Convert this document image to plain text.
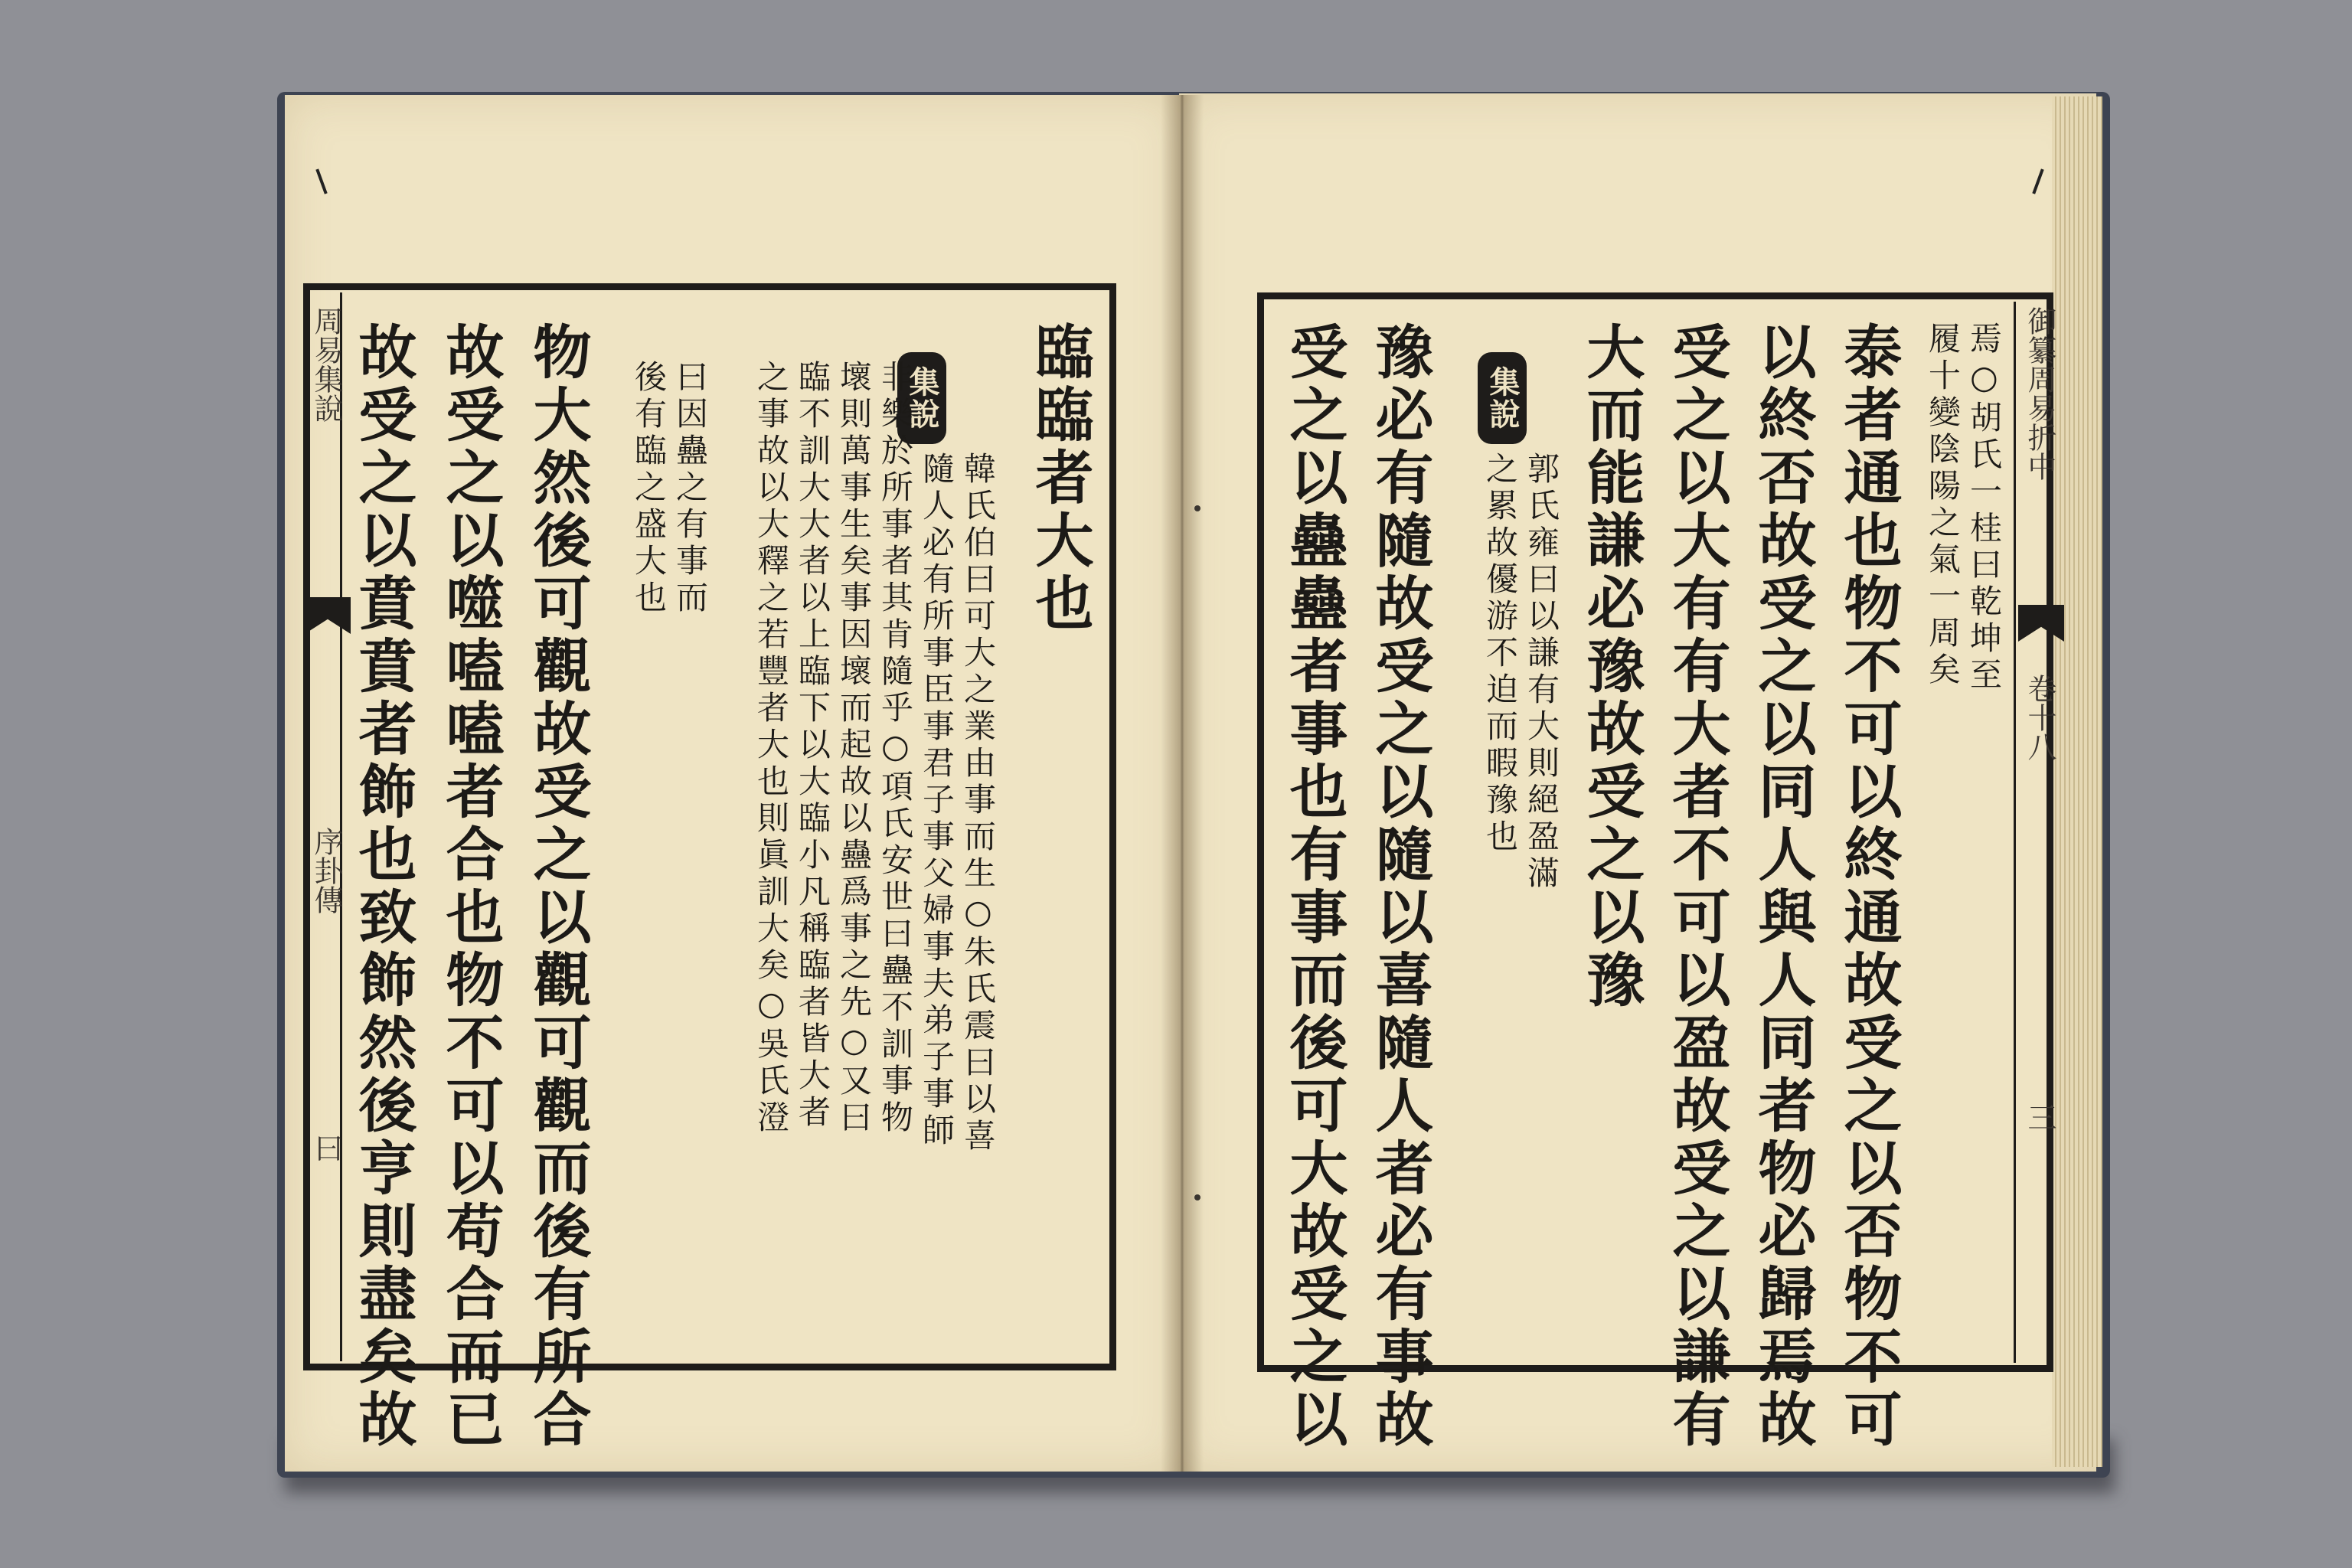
周易集說
序卦傳
曰
臨臨者大也
集說
韓氏伯曰可大之業由事而生○朱氏震曰以喜
隨人必有所事臣事君子事父婦事夫弟子事師
非樂於所事者其肯隨乎○項氏安世曰蠱不訓事物
壞則萬事生矣事因壞而起故以蠱爲事之先○又曰
臨不訓大大者以上臨下以大臨小凡稱臨者皆大者
之事故以大釋之若豐者大也則眞訓大矣○吳氏澄
曰因蠱之有事而
後有臨之盛大也
物大然後可觀故受之以觀可觀而後有所合
故受之以噬嗑嗑者合也物不可以苟合而已
故受之以賁賁者飾也致飾然後亨則盡矣故	御纂周易折中
卷十八
三
焉○胡氏一桂曰乾坤至
履十變陰陽之氣一周矣
泰者通也物不可以終通故受之以否物不可
以終否故受之以同人與人同者物必歸焉故
受之以大有有大者不可以盈故受之以謙有
大而能謙必豫故受之以豫
集說
郭氏雍曰以謙有大則絕盈滿
之累故優游不迫而暇豫也
豫必有隨故受之以隨以喜隨人者必有事故
受之以蠱蠱者事也有事而後可大故受之以
